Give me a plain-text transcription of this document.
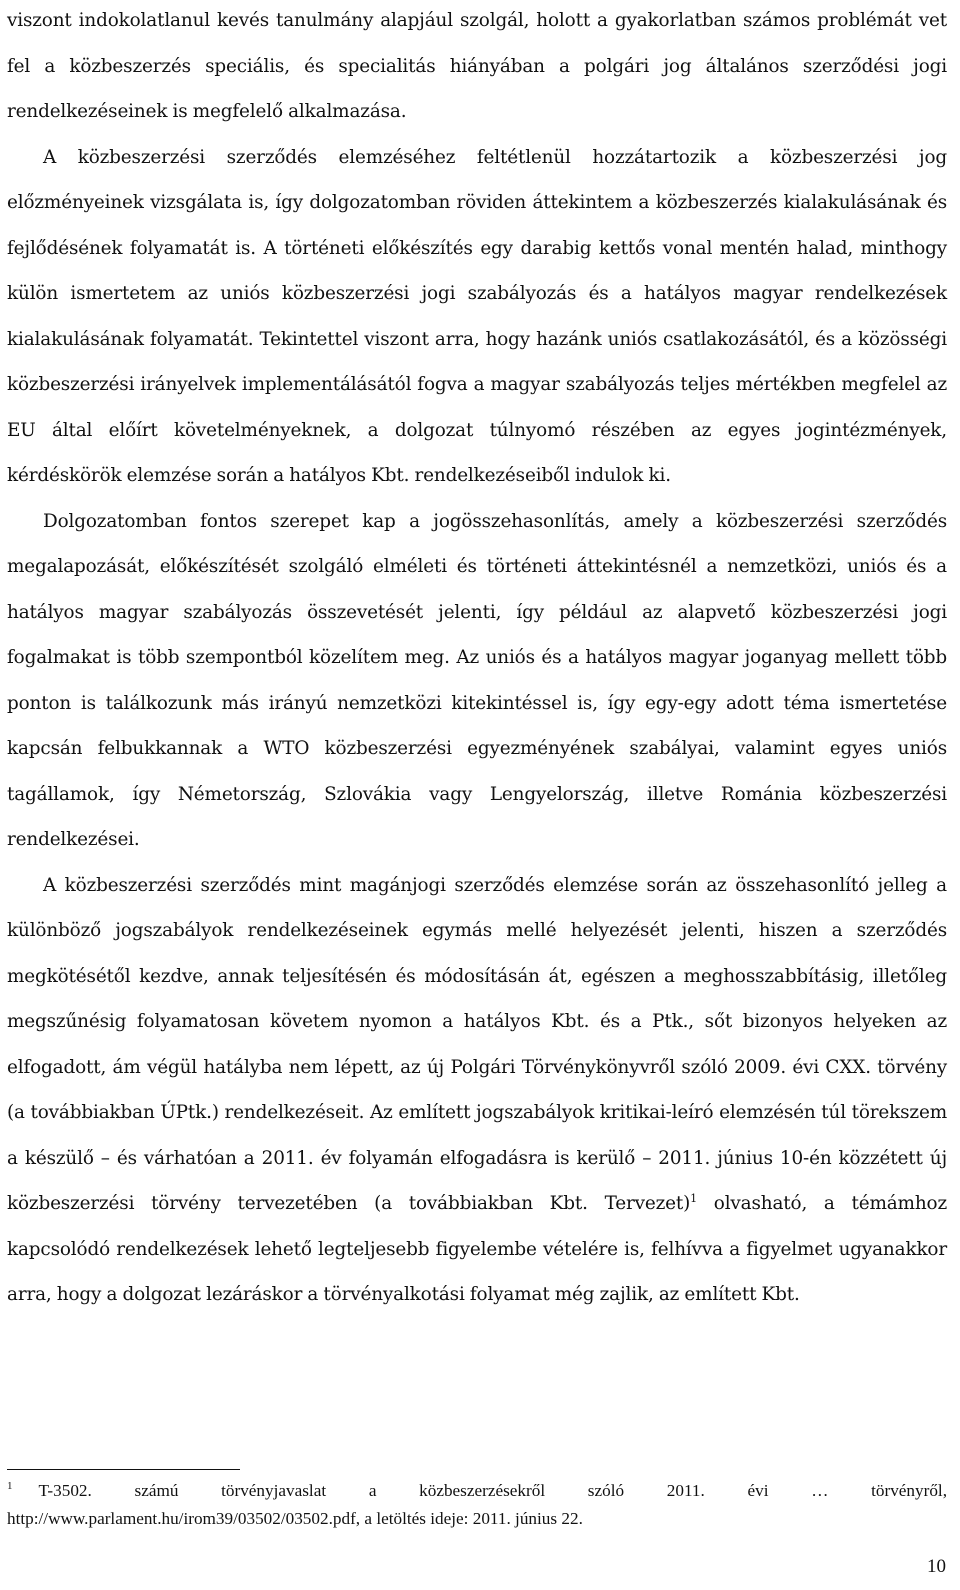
viszont indokolatlanul kevés tanulmány alapjául szolgál, holott a gyakorlatban számos problémát vet fel a közbeszerzés speciális, és specialitás hiányában a polgári jog általános szerződési jogi rendelkezéseinek is megfelelő alkalmazása.

A közbeszerzési szerződés elemzéséhez feltétlenül hozzátartozik a közbeszerzési jog előzményeinek vizsgálata is, így dolgozatomban röviden áttekintem a közbeszerzés kialakulásának és fejlődésének folyamatát is. A történeti előkészítés egy darabig kettős vonal mentén halad, minthogy külön ismertetem az uniós közbeszerzési jogi szabályozás és a hatályos magyar rendelkezések kialakulásának folyamatát. Tekintettel viszont arra, hogy hazánk uniós csatlakozásától, és a közösségi közbeszerzési irányelvek implementálásától fogva a magyar szabályozás teljes mértékben megfelel az EU által előírt követelményeknek, a dolgozat túlnyomó részében az egyes jogintézmények, kérdéskörök elemzése során a hatályos Kbt. rendelkezéseiből indulok ki.

Dolgozatomban fontos szerepet kap a jogösszehasonlítás, amely a közbeszerzési szerződés megalapozását, előkészítését szolgáló elméleti és történeti áttekintésnél a nemzetközi, uniós és a hatályos magyar szabályozás összevetését jelenti, így például az alapvető közbeszerzési jogi fogalmakat is több szempontból közelítem meg. Az uniós és a hatályos magyar joganyag mellett több ponton is találkozunk más irányú nemzetközi kitekintéssel is, így egy-egy adott téma ismertetése kapcsán felbukkannak a WTO közbeszerzési egyezményének szabályai, valamint egyes uniós tagállamok, így Németország, Szlovákia vagy Lengyelország, illetve Románia közbeszerzési rendelkezései.

A közbeszerzési szerződés mint magánjogi szerződés elemzése során az összehasonlító jelleg a különböző jogszabályok rendelkezéseinek egymás mellé helyezését jelenti, hiszen a szerződés megkötésétől kezdve, annak teljesítésén és módosításán át, egészen a meghosszabbításig, illetőleg megszűnésig folyamatosan követem nyomon a hatályos Kbt. és a Ptk., sőt bizonyos helyeken az elfogadott, ám végül hatályba nem lépett, az új Polgári Törvénykönyvről szóló 2009. évi CXX. törvény (a továbbiakban ÚPtk.) rendelkezéseit. Az említett jogszabályok kritikai-leíró elemzésén túl törekszem a készülő – és várhatóan a 2011. év folyamán elfogadásra is kerülő – 2011. június 10-én közzétett új közbeszerzési törvény tervezetében (a továbbiakban Kbt. Tervezet)$^1$ olvasható, a témámhoz kapcsolódó rendelkezések lehető legteljesebb figyelembe vételére is, felhívva a figyelmet ugyanakkor arra, hogy a dolgozat lezáráskor a törvényalkotási folyamat még zajlik, az említett Kbt.

$^1$ T-3502. számú törvényjavaslat a közbeszerzésekről szóló 2011. évi … törvényről, http://www.parlament.hu/irom39/03502/03502.pdf, a letöltés ideje: 2011. június 22.
10
